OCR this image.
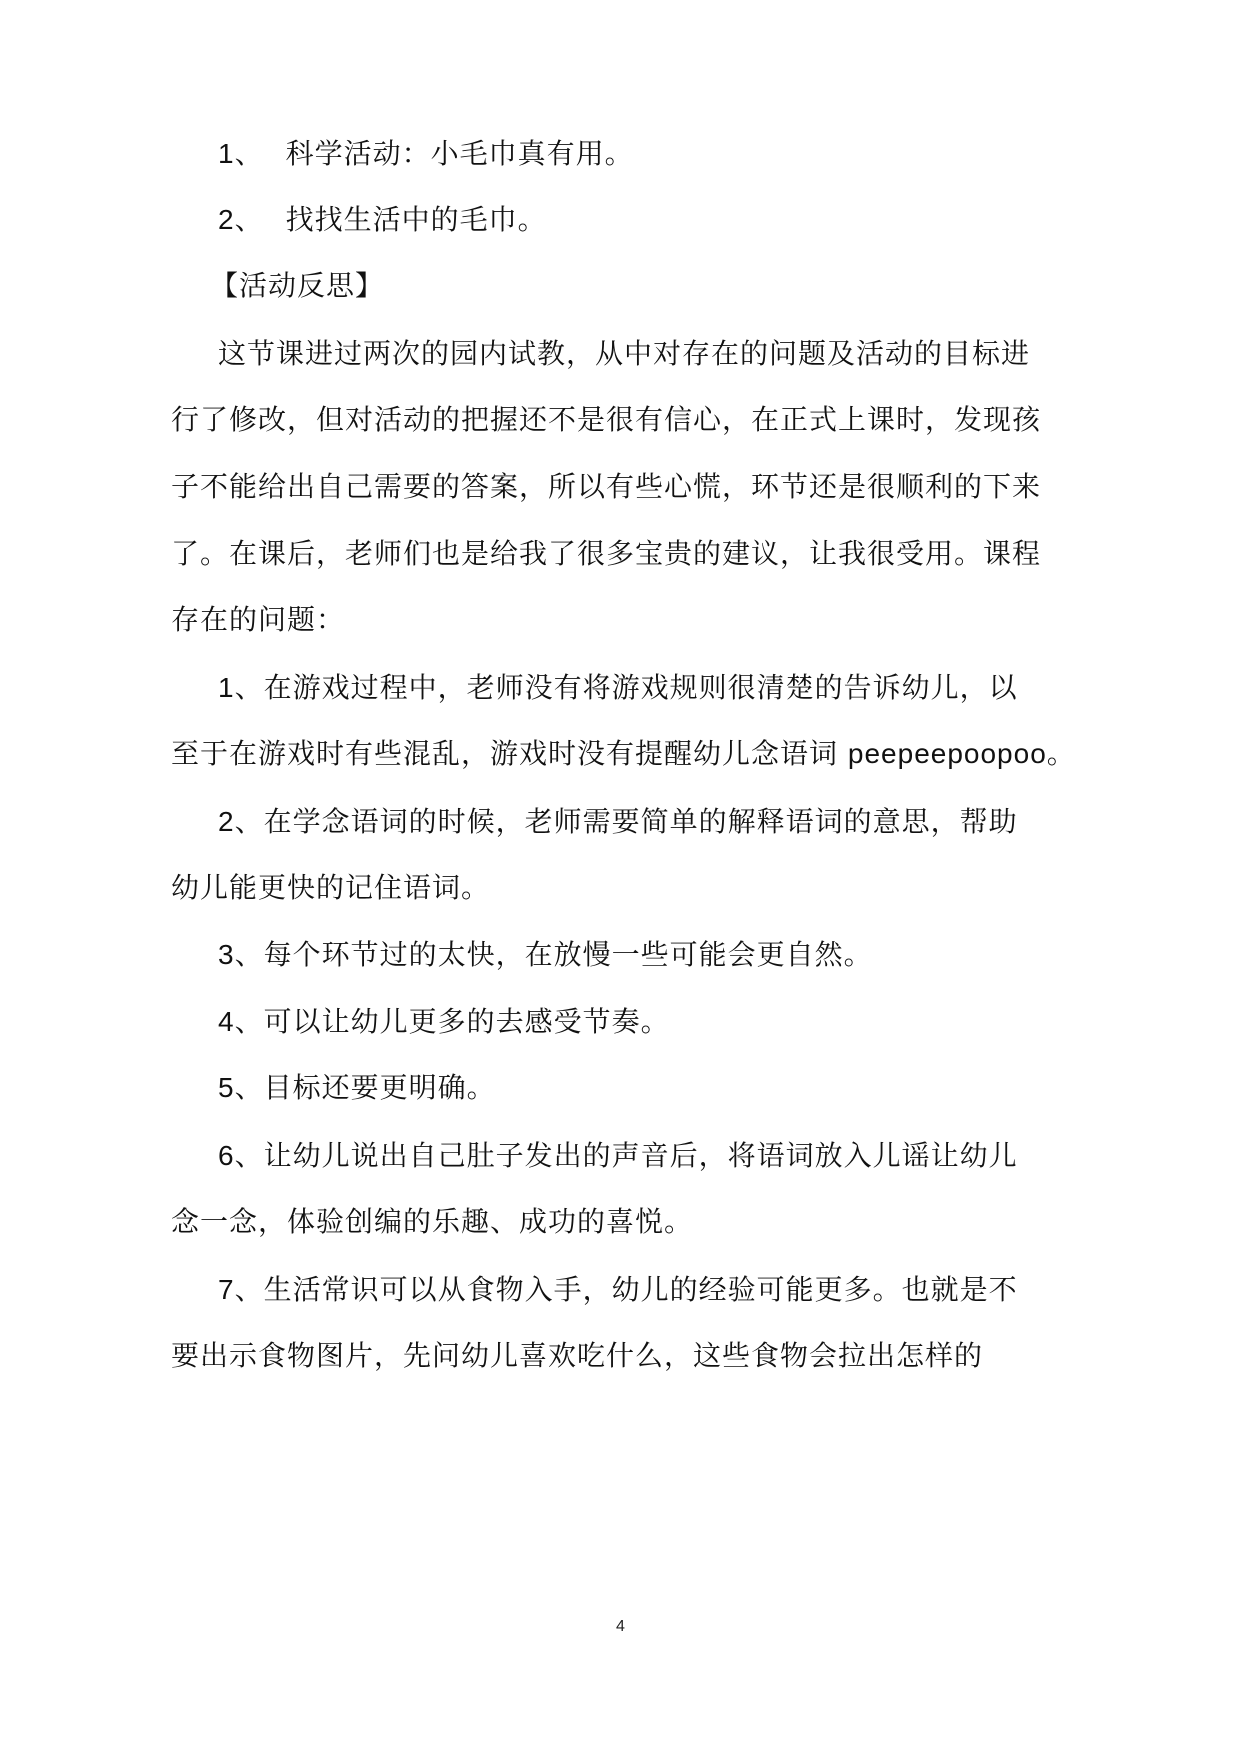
1、 科学活动：小毛巾真有用。
2、 找找生活中的毛巾。
【活动反思】
这节课进过两次的园内试教，从中对存在的问题及活动的目标进
行了修改，但对活动的把握还不是很有信心，在正式上课时，发现孩
子不能给出自己需要的答案，所以有些心慌，环节还是很顺利的下来
了。在课后，老师们也是给我了很多宝贵的建议，让我很受用。课程
存在的问题：
1、在游戏过程中，老师没有将游戏规则很清楚的告诉幼儿，以
至于在游戏时有些混乱，游戏时没有提醒幼儿念语词 peepeepoopoo。
2、在学念语词的时候，老师需要简单的解释语词的意思，帮助
幼儿能更快的记住语词。
3、每个环节过的太快，在放慢一些可能会更自然。
4、可以让幼儿更多的去感受节奏。
5、目标还要更明确。
6、让幼儿说出自己肚子发出的声音后，将语词放入儿谣让幼儿
念一念，体验创编的乐趣、成功的喜悦。
7、生活常识可以从食物入手，幼儿的经验可能更多。也就是不
要出示食物图片，先问幼儿喜欢吃什么，这些食物会拉出怎样的
4
